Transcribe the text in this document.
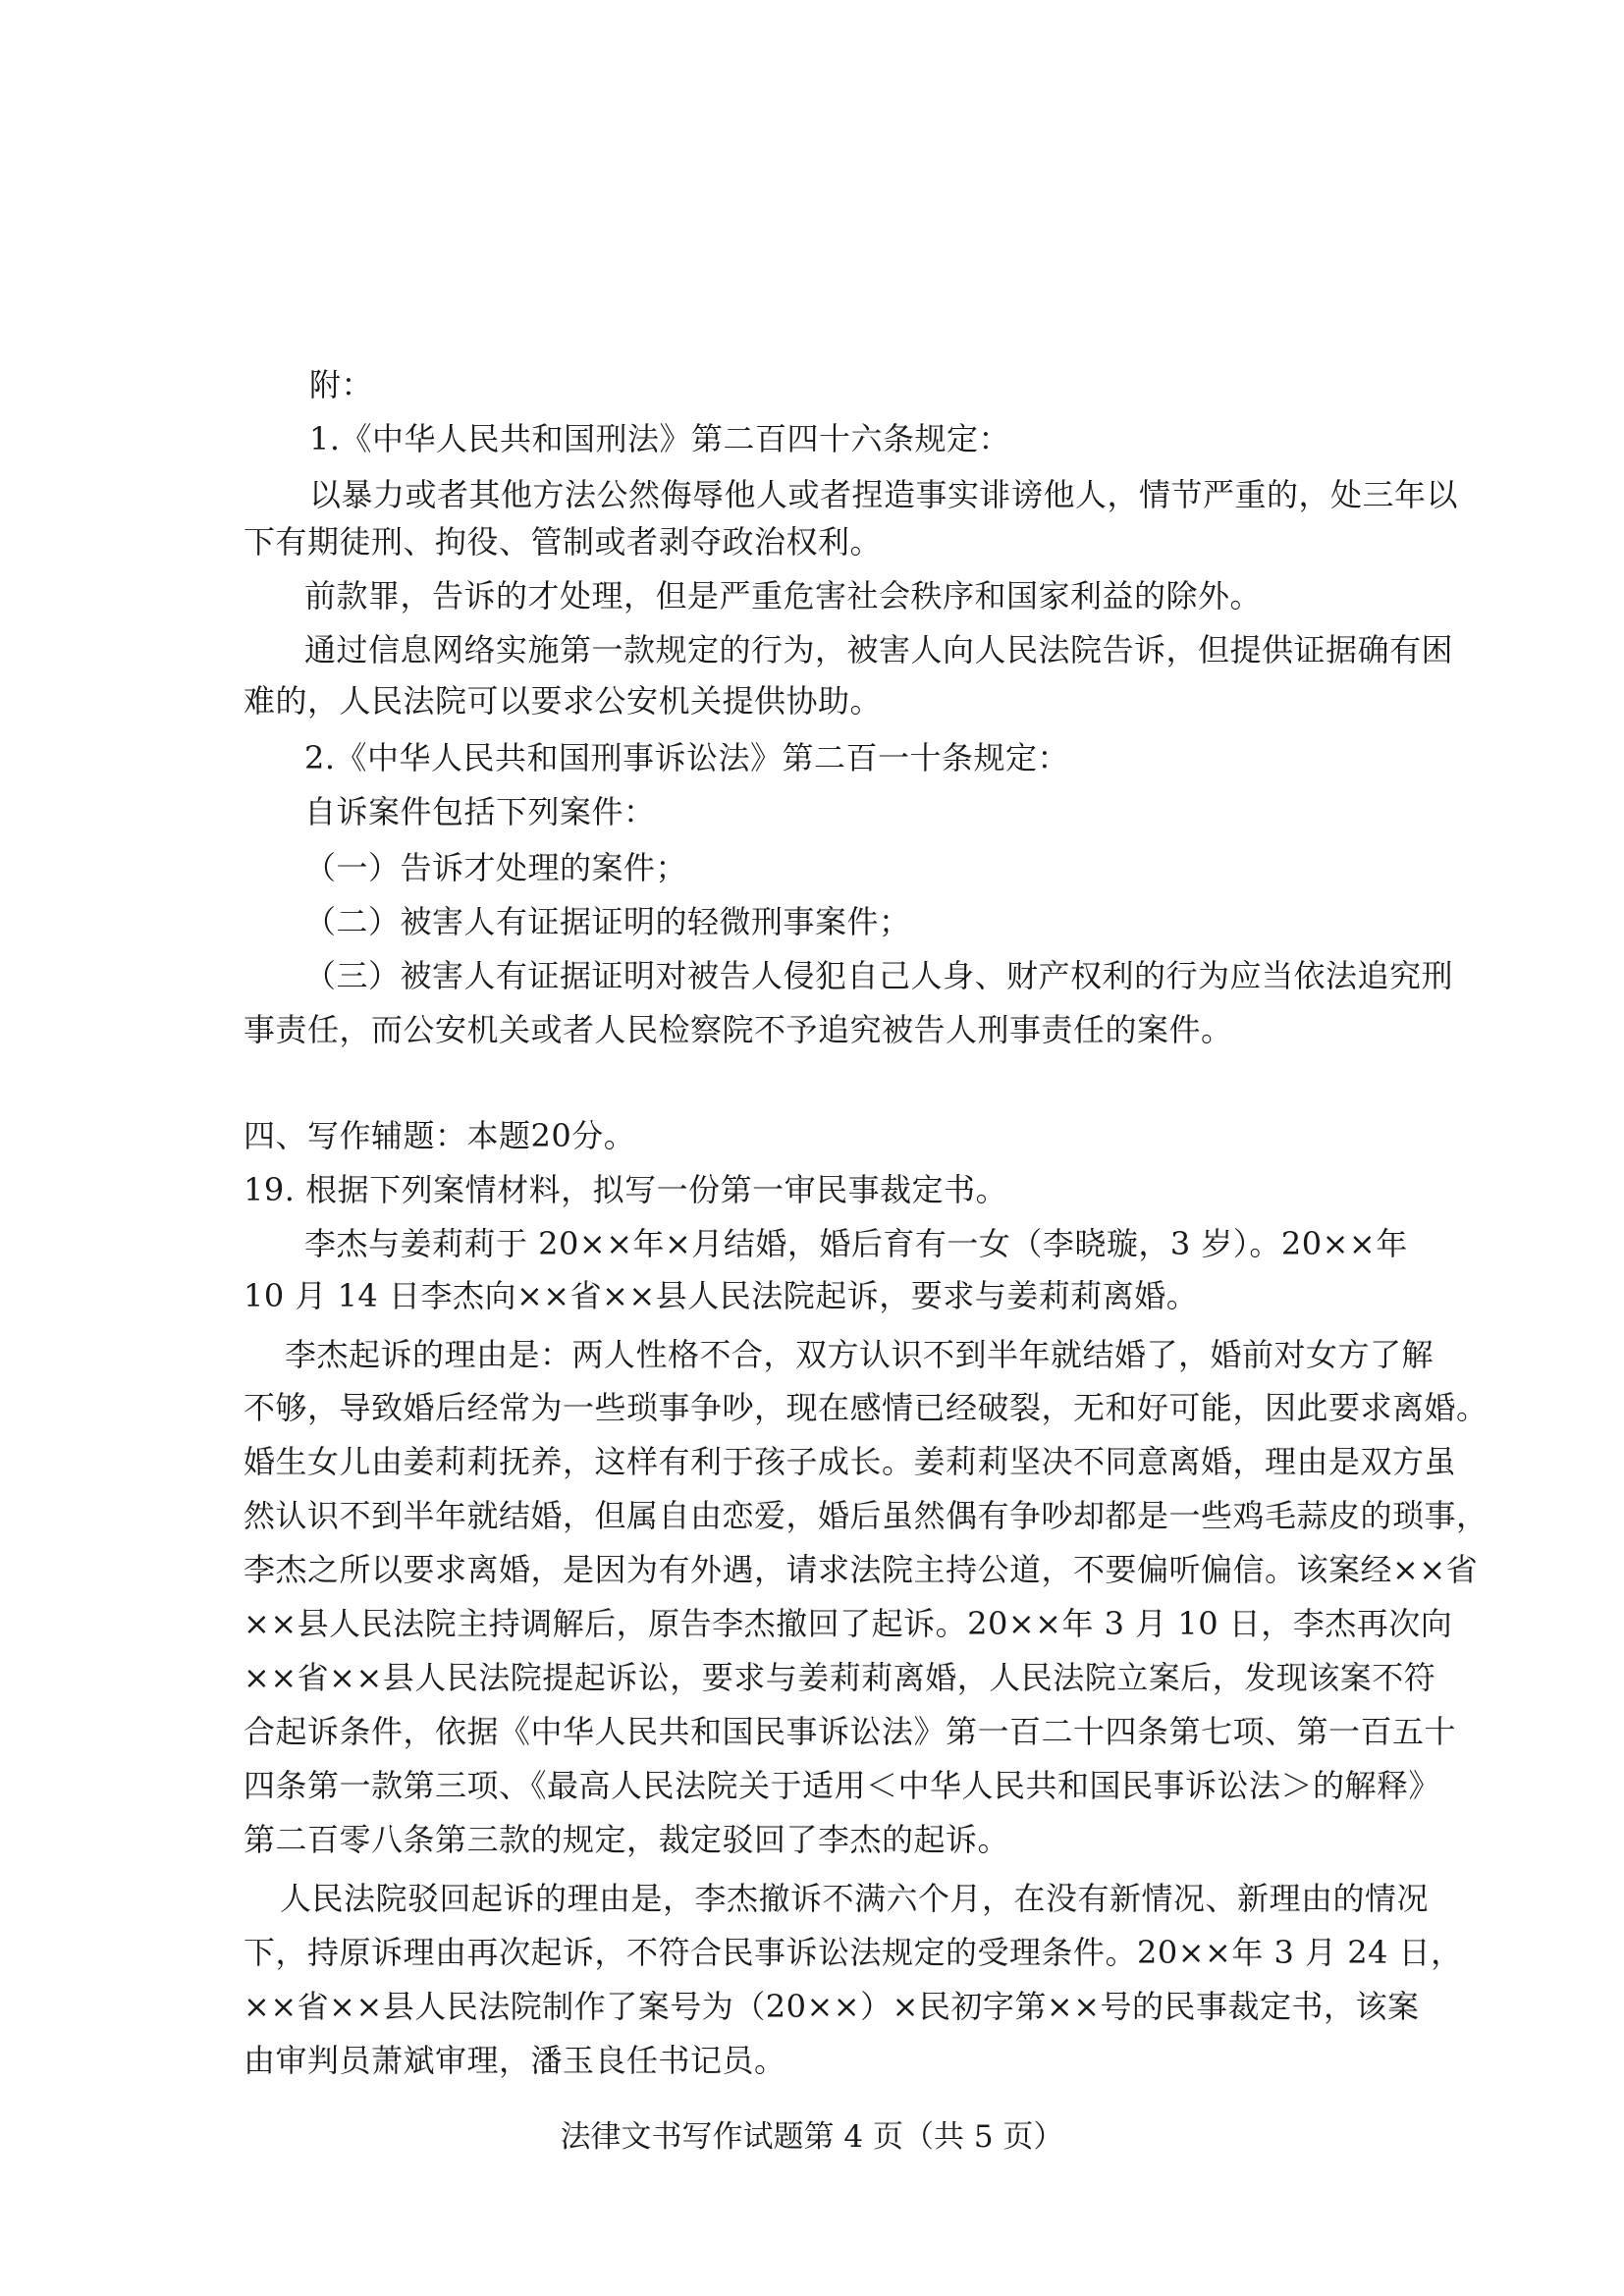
附：
1.《中华人民共和国刑法》第二百四十六条规定：
以暴力或者其他方法公然侮辱他人或者捏造事实诽谤他人，情节严重的，处三年以
下有期徒刑、拘役、管制或者剥夺政治权利。
前款罪，告诉的才处理，但是严重危害社会秩序和国家利益的除外。
通过信息网络实施第一款规定的行为，被害人向人民法院告诉，但提供证据确有困
难的，人民法院可以要求公安机关提供协助。
2.《中华人民共和国刑事诉讼法》第二百一十条规定：
自诉案件包括下列案件：
（一）告诉才处理的案件；
（二）被害人有证据证明的轻微刑事案件；
（三）被害人有证据证明对被告人侵犯自己人身、财产权利的行为应当依法追究刑
事责任，而公安机关或者人民检察院不予追究被告人刑事责任的案件。
四、写作辅题：本题20分。
19. 根据下列案情材料，拟写一份第一审民事裁定书。
李杰与姜莉莉于 20××年×月结婚，婚后育有一女（李晓璇，3 岁）。20××年
10 月 14 日李杰向××省××县人民法院起诉，要求与姜莉莉离婚。
李杰起诉的理由是：两人性格不合，双方认识不到半年就结婚了，婚前对女方了解
不够，导致婚后经常为一些琐事争吵，现在感情已经破裂，无和好可能，因此要求离婚。
婚生女儿由姜莉莉抚养，这样有利于孩子成长。姜莉莉坚决不同意离婚，理由是双方虽
然认识不到半年就结婚，但属自由恋爱，婚后虽然偶有争吵却都是一些鸡毛蒜皮的琐事，
李杰之所以要求离婚，是因为有外遇，请求法院主持公道，不要偏听偏信。该案经××省
××县人民法院主持调解后，原告李杰撤回了起诉。20××年 3 月 10 日，李杰再次向
××省××县人民法院提起诉讼，要求与姜莉莉离婚，人民法院立案后，发现该案不符
合起诉条件，依据《中华人民共和国民事诉讼法》第一百二十四条第七项、第一百五十
四条第一款第三项、《最高人民法院关于适用＜中华人民共和国民事诉讼法＞的解释》
第二百零八条第三款的规定，裁定驳回了李杰的起诉。
人民法院驳回起诉的理由是，李杰撤诉不满六个月，在没有新情况、新理由的情况
下，持原诉理由再次起诉，不符合民事诉讼法规定的受理条件。20××年 3 月 24 日，
××省××县人民法院制作了案号为（20××）×民初字第××号的民事裁定书，该案
由审判员萧斌审理，潘玉良任书记员。
法律文书写作试题第 4 页（共 5 页）
